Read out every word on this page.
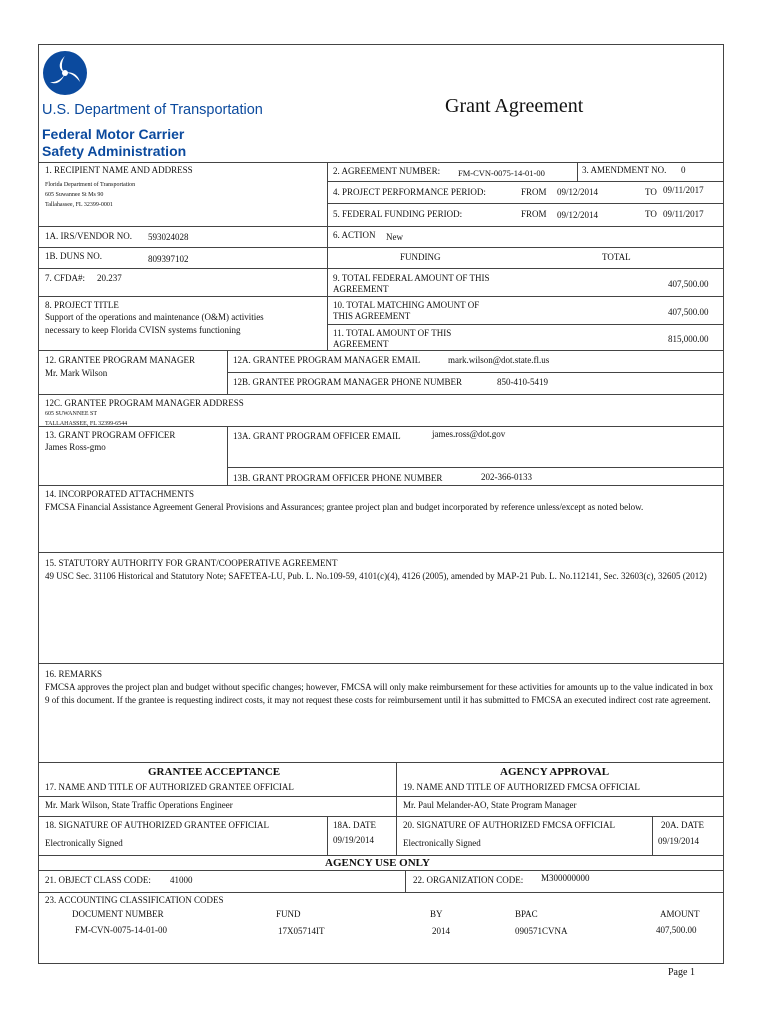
U.S. Department of Transportation
Federal Motor Carrier
Safety Administration
Grant Agreement
1. RECIPIENT NAME AND ADDRESS
Florida Department of Transportation
605 Suwannee St Ms 90
Tallahassee, FL 32399-0001
2. AGREEMENT NUMBER: FM-CVN-0075-14-01-00	3. AMENDMENT NO. 0
4. PROJECT PERFORMANCE PERIOD:	FROM 09/12/2014	TO 09/11/2017
5. FEDERAL FUNDING PERIOD:	FROM 09/12/2014	TO 09/11/2017
1A. IRS/VENDOR NO. 593024028	6. ACTION New
1B. DUNS NO.	809397102	FUNDING	TOTAL
7. CFDA#: 20.237	9. TOTAL FEDERAL AMOUNT OF THIS
AGREEMENT	407,500.00
8. PROJECT TITLE
Support of the operations and maintenance (O&M) activities
necessary to keep Florida CVISN systems functioning
10. TOTAL MATCHING AMOUNT OF
THIS AGREEMENT	407,500.00
11. TOTAL AMOUNT OF THIS
AGREEMENT	815,000.00
12. GRANTEE PROGRAM MANAGER
Mr. Mark Wilson
12A. GRANTEE PROGRAM MANAGER EMAIL	mark.wilson@dot.state.fl.us
12B. GRANTEE PROGRAM MANAGER PHONE NUMBER	850-410-5419
12C. GRANTEE PROGRAM MANAGER ADDRESS
605 SUWANNEE ST
TALLAHASSEE, FL 32399-6544
13. GRANT PROGRAM OFFICER
James Ross-gmo
13A. GRANT PROGRAM OFFICER EMAIL	james.ross@dot.gov
13B. GRANT PROGRAM OFFICER PHONE NUMBER	202-366-0133
14. INCORPORATED ATTACHMENTS
FMCSA Financial Assistance Agreement General Provisions and Assurances; grantee project plan and budget incorporated by reference unless/except as noted below.
15. STATUTORY AUTHORITY FOR GRANT/COOPERATIVE AGREEMENT
49 USC Sec. 31106 Historical and Statutory Note; SAFETEA-LU, Pub. L. No.109-59, 4101(c)(4), 4126 (2005), amended by MAP-21 Pub. L. No.112141, Sec. 32603(c), 32605 (2012)
16. REMARKS
FMCSA approves the project plan and budget without specific changes; however, FMCSA will only make reimbursement for these activities for amounts up to the value indicated in box 9 of this document. If the grantee is requesting indirect costs, it may not request these costs for reimbursement until it has submitted to FMCSA an executed indirect cost rate agreement.
GRANTEE ACCEPTANCE	AGENCY APPROVAL
17. NAME AND TITLE OF AUTHORIZED GRANTEE OFFICIAL	19. NAME AND TITLE OF AUTHORIZED FMCSA OFFICIAL
Mr. Mark Wilson, State Traffic Operations Engineer	Mr. Paul Melander-AO, State Program Manager
18. SIGNATURE OF AUTHORIZED GRANTEE OFFICIAL	18A. DATE	20. SIGNATURE OF AUTHORIZED FMCSA OFFICIAL	20A. DATE
Electronically Signed	09/19/2014	Electronically Signed	09/19/2014
AGENCY USE ONLY
21. OBJECT CLASS CODE: 41000	22. ORGANIZATION CODE: M300000000
23. ACCOUNTING CLASSIFICATION CODES
DOCUMENT NUMBER	FUND	BY	BPAC	AMOUNT
FM-CVN-0075-14-01-00	17X05714IT	2014	090571CVNA	407,500.00
Page 1
